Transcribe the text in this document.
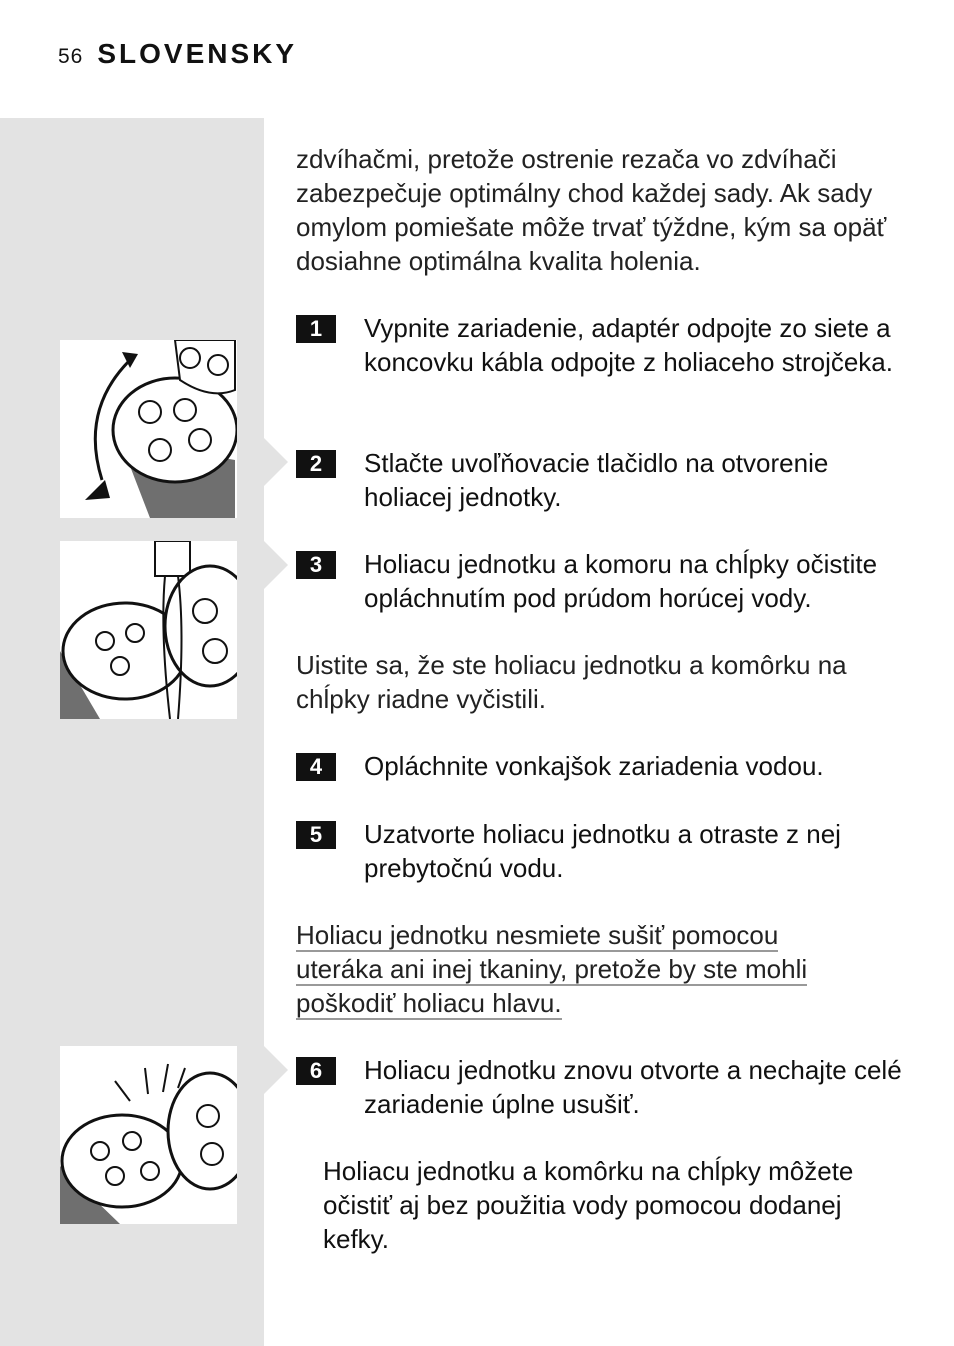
56 SLOVENSKY

zdvíhačmi, pretože ostrenie rezača vo zdvíhači zabezpečuje optimálny chod každej sady. Ak sady omylom pomiešate môže trvať týždne, kým sa opäť dosiahne optimálna kvalita holenia.

1	Vypnite zariadenie, adaptér odpojte zo siete a koncovku kábla odpojte z holiaceho strojčeka.
2	Stlačte uvoľňovacie tlačidlo na otvorenie holiacej jednotky.
3	Holiacu jednotku a komoru na chĺpky očistite opláchnutím pod prúdom horúcej vody.

Uistite sa, že ste holiacu jednotku a komôrku na chĺpky riadne vyčistili.

4	Opláchnite vonkajšok zariadenia vodou.
5	Uzatvorte holiacu jednotku a otraste z nej prebytočnú vodu.
Holiacu jednotku nesmiete sušiť pomocou
uteráka ani inej tkaniny, pretože by ste mohli
poškodiť holiacu hlavu.
6	Holiacu jednotku znovu otvorte a nechajte celé zariadenie úplne usušiť.
Holiacu jednotku a komôrku na chĺpky môžete očistiť aj bez použitia vody pomocou dodanej kefky.
